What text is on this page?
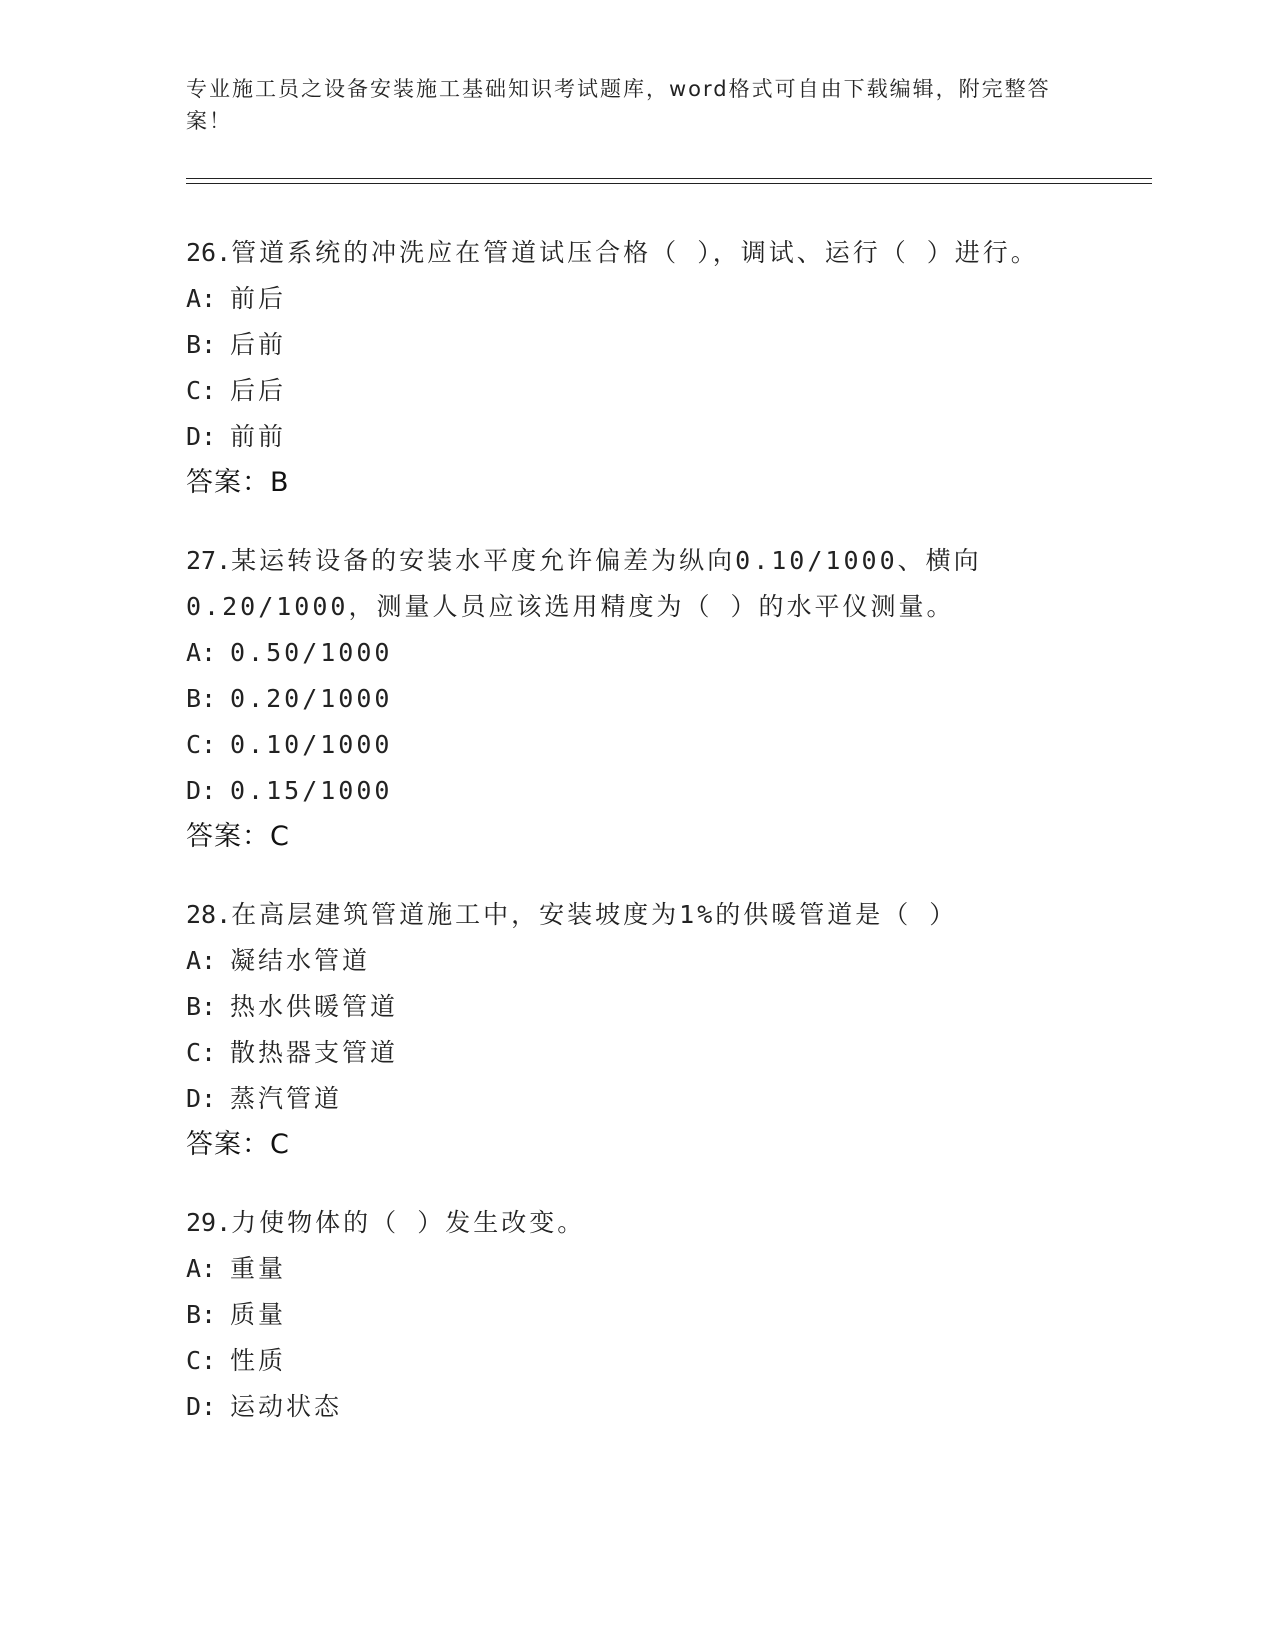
专业施工员之设备安装施工基础知识考试题库，word格式可自由下载编辑，附完整答案！
26.管道系统的冲洗应在管道试压合格（ ），调试、运行（ ）进行。
A: 前后
B: 后前
C: 后后
D: 前前
答案：B
27.某运转设备的安装水平度允许偏差为纵向0.10/1000、横向0.20/1000，测量人员应该选用精度为（ ）的水平仪测量。
A: 0.50/1000
B: 0.20/1000
C: 0.10/1000
D: 0.15/1000
答案：C
28.在高层建筑管道施工中，安装坡度为1%的供暖管道是（ ）
A: 凝结水管道
B: 热水供暖管道
C: 散热器支管道
D: 蒸汽管道
答案：C
29.力使物体的（ ）发生改变。
A: 重量
B: 质量
C: 性质
D: 运动状态
